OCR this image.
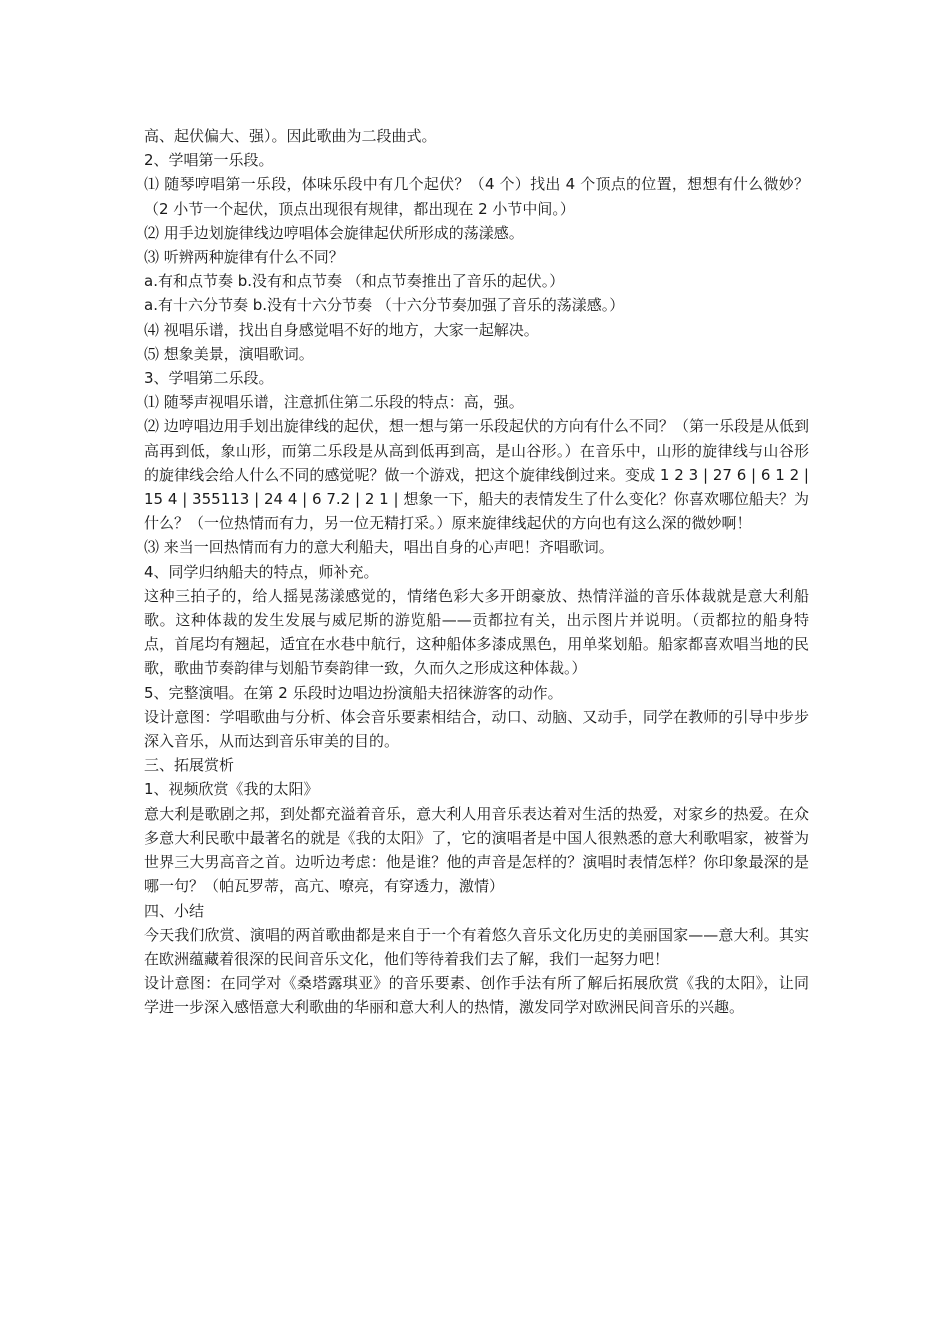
高、起伏偏大、强）。因此歌曲为二段曲式。

2、学唱第一乐段。

⑴ 随琴哼唱第一乐段，体味乐段中有几个起伏？（4 个）找出 4 个顶点的位置，想想有什么微妙？（2 小节一个起伏，顶点出现很有规律，都出现在 2 小节中间。）

⑵ 用手边划旋律线边哼唱体会旋律起伏所形成的荡漾感。

⑶ 听辨两种旋律有什么不同？

a.有和点节奏 b.没有和点节奏 （和点节奏推出了音乐的起伏。）

a.有十六分节奏 b.没有十六分节奏 （十六分节奏加强了音乐的荡漾感。）

⑷ 视唱乐谱，找出自身感觉唱不好的地方，大家一起解决。

⑸ 想象美景，演唱歌词。

3、学唱第二乐段。

⑴ 随琴声视唱乐谱，注意抓住第二乐段的特点：高，强。

⑵ 边哼唱边用手划出旋律线的起伏，想一想与第一乐段起伏的方向有什么不同？（第一乐段是从低到高再到低，象山形，而第二乐段是从高到低再到高，是山谷形。）在音乐中，山形的旋律线与山谷形的旋律线会给人什么不同的感觉呢？做一个游戏，把这个旋律线倒过来。变成 1 2 3 | 27 6 | 6 1 2 | 15 4 | 355113 | 24 4 | 6 7.2 | 2 1 | 想象一下，船夫的表情发生了什么变化？你喜欢哪位船夫？为什么？（一位热情而有力，另一位无精打采。）原来旋律线起伏的方向也有这么深的微妙啊！

⑶ 来当一回热情而有力的意大利船夫，唱出自身的心声吧！齐唱歌词。

4、同学归纳船夫的特点，师补充。

这种三拍子的，给人摇晃荡漾感觉的，情绪色彩大多开朗豪放、热情洋溢的音乐体裁就是意大利船歌。这种体裁的发生发展与威尼斯的游览船——贡都拉有关，出示图片并说明。（贡都拉的船身特点，首尾均有翘起，适宜在水巷中航行，这种船体多漆成黑色，用单桨划船。船家都喜欢唱当地的民歌，歌曲节奏韵律与划船节奏韵律一致，久而久之形成这种体裁。）

5、完整演唱。在第 2 乐段时边唱边扮演船夫招徕游客的动作。

设计意图：学唱歌曲与分析、体会音乐要素相结合，动口、动脑、又动手，同学在教师的引导中步步深入音乐，从而达到音乐审美的目的。

三、拓展赏析

1、视频欣赏《我的太阳》

意大利是歌剧之邦，到处都充溢着音乐，意大利人用音乐表达着对生活的热爱，对家乡的热爱。在众多意大利民歌中最著名的就是《我的太阳》了，它的演唱者是中国人很熟悉的意大利歌唱家，被誉为世界三大男高音之首。边听边考虑：他是谁？他的声音是怎样的？演唱时表情怎样？你印象最深的是哪一句？（帕瓦罗蒂，高亢、嘹亮，有穿透力，激情）

四、小结

今天我们欣赏、演唱的两首歌曲都是来自于一个有着悠久音乐文化历史的美丽国家——意大利。其实在欧洲蕴藏着很深的民间音乐文化，他们等待着我们去了解，我们一起努力吧！

设计意图：在同学对《桑塔露琪亚》的音乐要素、创作手法有所了解后拓展欣赏《我的太阳》，让同学进一步深入感悟意大利歌曲的华丽和意大利人的热情，激发同学对欧洲民间音乐的兴趣。
